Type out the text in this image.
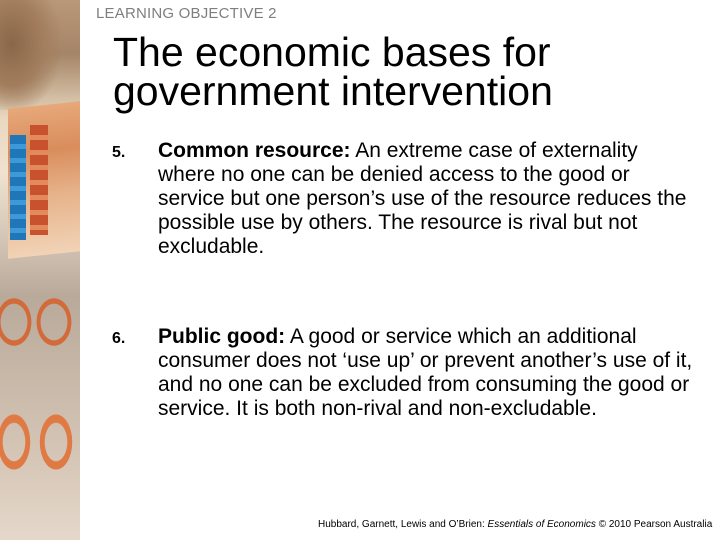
LEARNING OBJECTIVE 2
The economic bases for government intervention
5. Common resource: An extreme case of externality where no one can be denied access to the good or service but one person’s use of the resource reduces the possible use by others. The resource is rival but not excludable.
6. Public good: A good or service which an additional consumer does not ‘use up’ or prevent another’s use of it, and no one can be excluded from consuming the good or service. It is both non-rival and non-excludable.
Hubbard, Garnett, Lewis and O’Brien: Essentials of Economics © 2010 Pearson Australia
